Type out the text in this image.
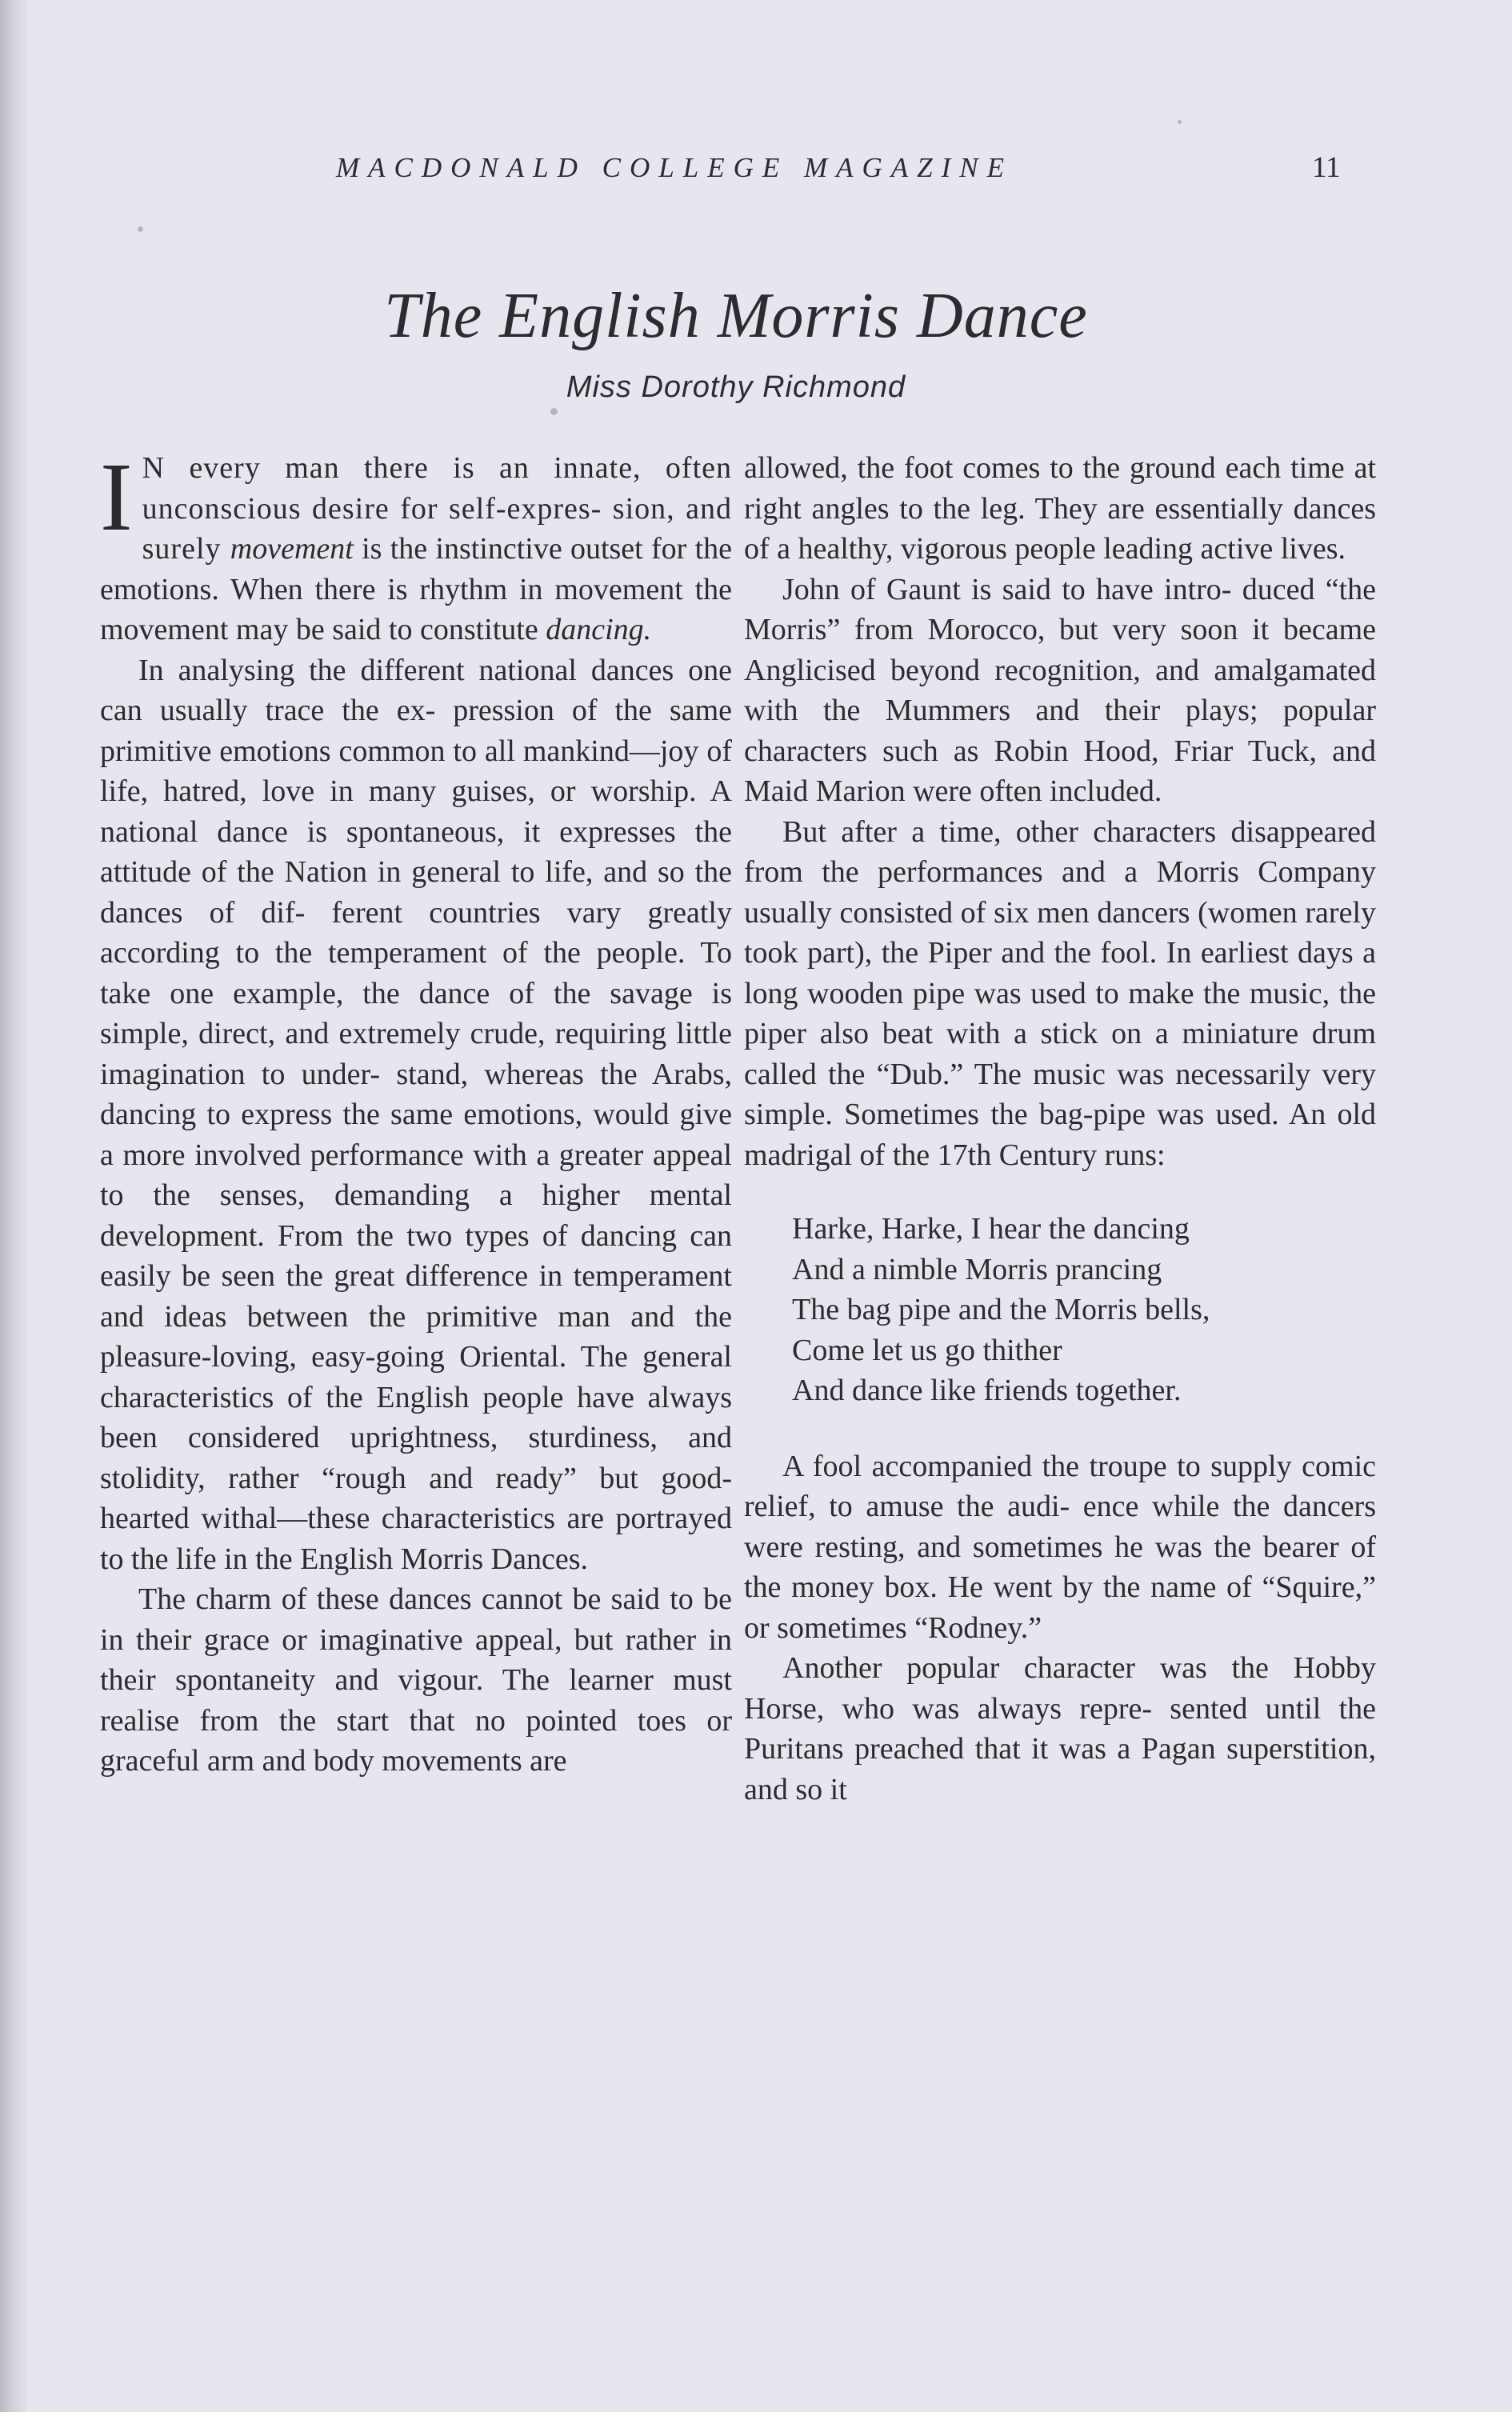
MACDONALD COLLEGE MAGAZINE	11
The English Morris Dance
Miss Dorothy Richmond

I N every man there is an innate, often unconscious desire for self-expres- sion, and surely movement is the instinctive outset for the emotions. When there is rhythm in movement the movement may be said to constitute dancing.

In analysing the different national dances one can usually trace the ex- pression of the same primitive emotions common to all mankind—joy of life, hatred, love in many guises, or worship. A national dance is spontaneous, it expresses the attitude of the Nation in general to life, and so the dances of dif- ferent countries vary greatly according to the temperament of the people. To take one example, the dance of the savage is simple, direct, and extremely crude, requiring little imagination to under- stand, whereas the Arabs, dancing to express the same emotions, would give a more involved performance with a greater appeal to the senses, demanding a higher mental development. From the two types of dancing can easily be seen the great difference in temperament and ideas between the primitive man and the pleasure-loving, easy-going Oriental. The general characteristics of the English people have always been considered uprightness, sturdiness, and stolidity, rather “rough and ready” but good- hearted withal—these characteristics are portrayed to the life in the English Morris Dances.

The charm of these dances cannot be said to be in their grace or imaginative appeal, but rather in their spontaneity and vigour. The learner must realise from the start that no pointed toes or graceful arm and body movements are

allowed, the foot comes to the ground each time at right angles to the leg. They are essentially dances of a healthy, vigorous people leading active lives.

John of Gaunt is said to have intro- duced “the Morris” from Morocco, but very soon it became Anglicised beyond recognition, and amalgamated with the Mummers and their plays; popular characters such as Robin Hood, Friar Tuck, and Maid Marion were often included.

But after a time, other characters disappeared from the performances and a Morris Company usually consisted of six men dancers (women rarely took part), the Piper and the fool. In earliest days a long wooden pipe was used to make the music, the piper also beat with a stick on a miniature drum called the “Dub.” The music was necessarily very simple. Sometimes the bag-pipe was used. An old madrigal of the 17th Century runs:

Harke, Harke, I hear the dancing
And a nimble Morris prancing
The bag pipe and the Morris bells,
Come let us go thither
And dance like friends together.

A fool accompanied the troupe to supply comic relief, to amuse the audi- ence while the dancers were resting, and sometimes he was the bearer of the money box. He went by the name of “Squire,” or sometimes “Rodney.”

Another popular character was the Hobby Horse, who was always repre- sented until the Puritans preached that it was a Pagan superstition, and so it
